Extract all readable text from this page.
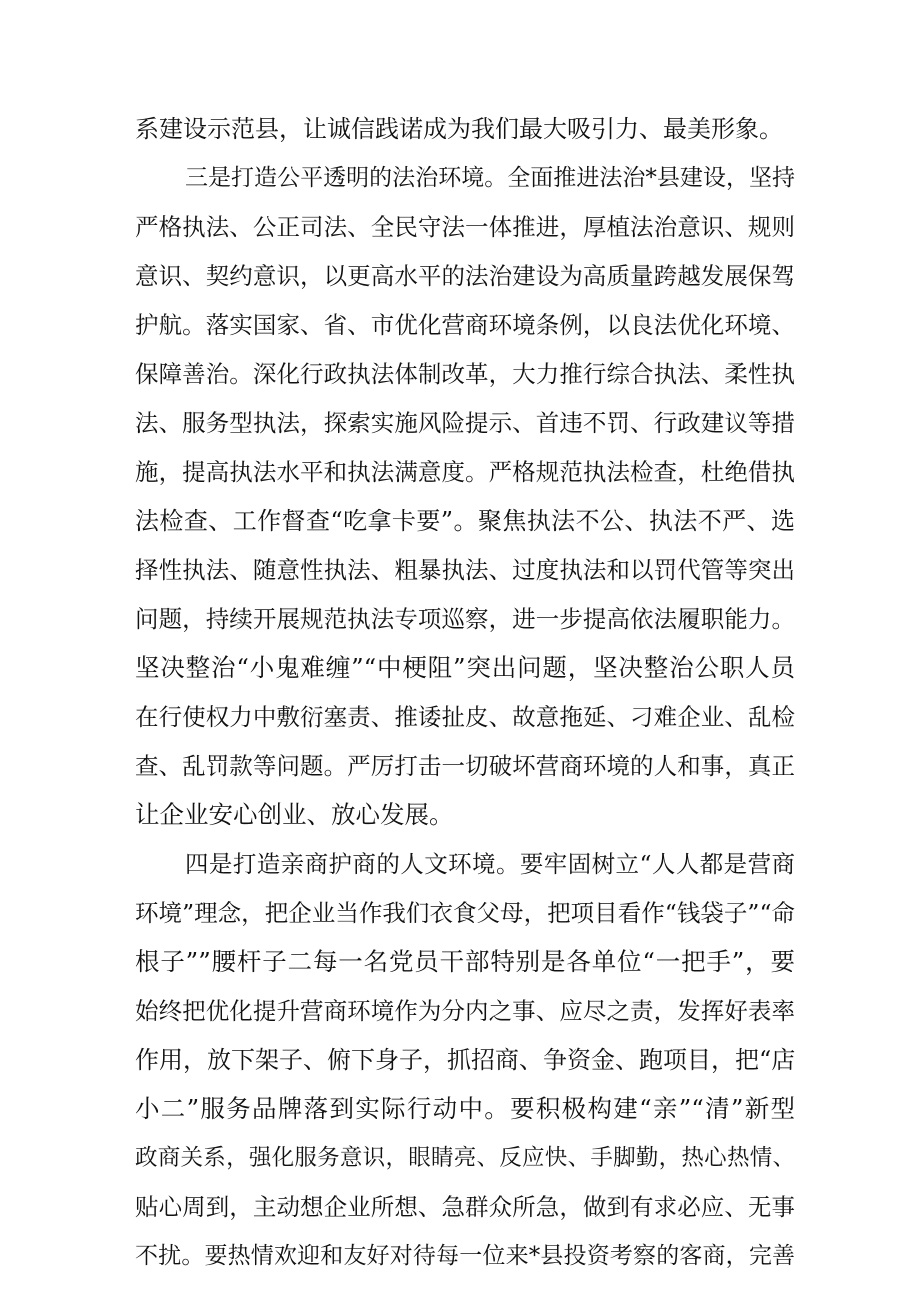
系建设示范县，让诚信践诺成为我们最大吸引力、最美形象。
三是打造公平透明的法治环境。全面推进法治*县建设，坚持
严格执法、公正司法、全民守法一体推进，厚植法治意识、规则
意识、契约意识，以更高水平的法治建设为高质量跨越发展保驾
护航。落实国家、省、市优化营商环境条例，以良法优化环境、
保障善治。深化行政执法体制改革，大力推行综合执法、柔性执
法、服务型执法，探索实施风险提示、首违不罚、行政建议等措
施，提高执法水平和执法满意度。严格规范执法检查，杜绝借执
法检查、工作督查“吃拿卡要”。聚焦执法不公、执法不严、选
择性执法、随意性执法、粗暴执法、过度执法和以罚代管等突出
问题，持续开展规范执法专项巡察，进一步提高依法履职能力。
坚决整治“小鬼难缠”“中梗阻”突出问题，坚决整治公职人员
在行使权力中敷衍塞责、推诿扯皮、故意拖延、刁难企业、乱检
查、乱罚款等问题。严厉打击一切破坏营商环境的人和事，真正
让企业安心创业、放心发展。
四是打造亲商护商的人文环境。要牢固树立“人人都是营商
环境”理念，把企业当作我们衣食父母，把项目看作“钱袋子”“命
根子””腰杆子二每一名党员干部特别是各单位“一把手”，要
始终把优化提升营商环境作为分内之事、应尽之责，发挥好表率
作用，放下架子、俯下身子，抓招商、争资金、跑项目，把“店
小二”服务品牌落到实际行动中。要积极构建“亲”“清”新型
政商关系，强化服务意识，眼睛亮、反应快、手脚勤，热心热情、
贴心周到，主动想企业所想、急群众所急，做到有求必应、无事
不扰。要热情欢迎和友好对待每一位来*县投资考察的客商，完善
